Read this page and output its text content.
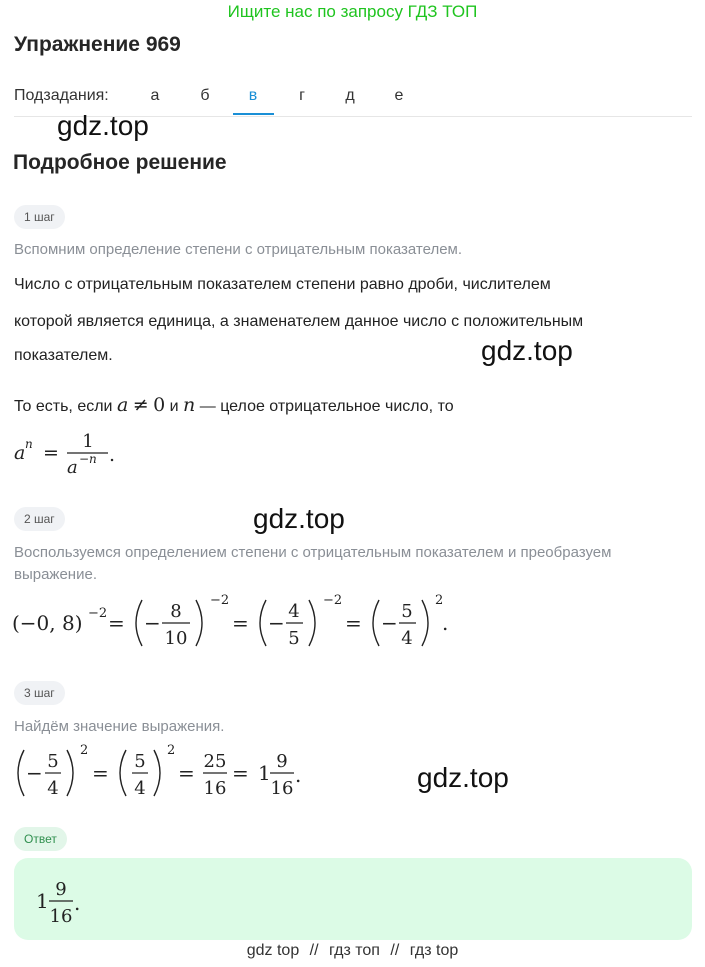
Ищите нас по запросу ГДЗ ТОП
Упражнение 969
Подзадания:	а	б	в	г	д	е
gdz.top
Подробное решение
1 шаг
Вспомним определение степени с отрицательным показателем.
Число с отрицательным показателем степени равно дроби, числителем
которой является единица, а знаменателем данное число с положительным
показателем.	gdz.top
То есть, если a ≠ 0 и n — целое отрицательное число, то
a n =
1
a −n .
2 шаг	gdz.top
Воспользуемся определением степени с отрицательным показателем и преобразуем выражение.
(−0, 8) −2 = − 8
10
−2
= − 4
5
−2
= − 5
4
2
.
3 шаг
Найдём значение выражения.
− 5
4
2
= 5
4
2
= 25
16
= 1 9
16
.	gdz.top
Ответ
1 9
16
.
gdz top // гдз топ // гдз top
